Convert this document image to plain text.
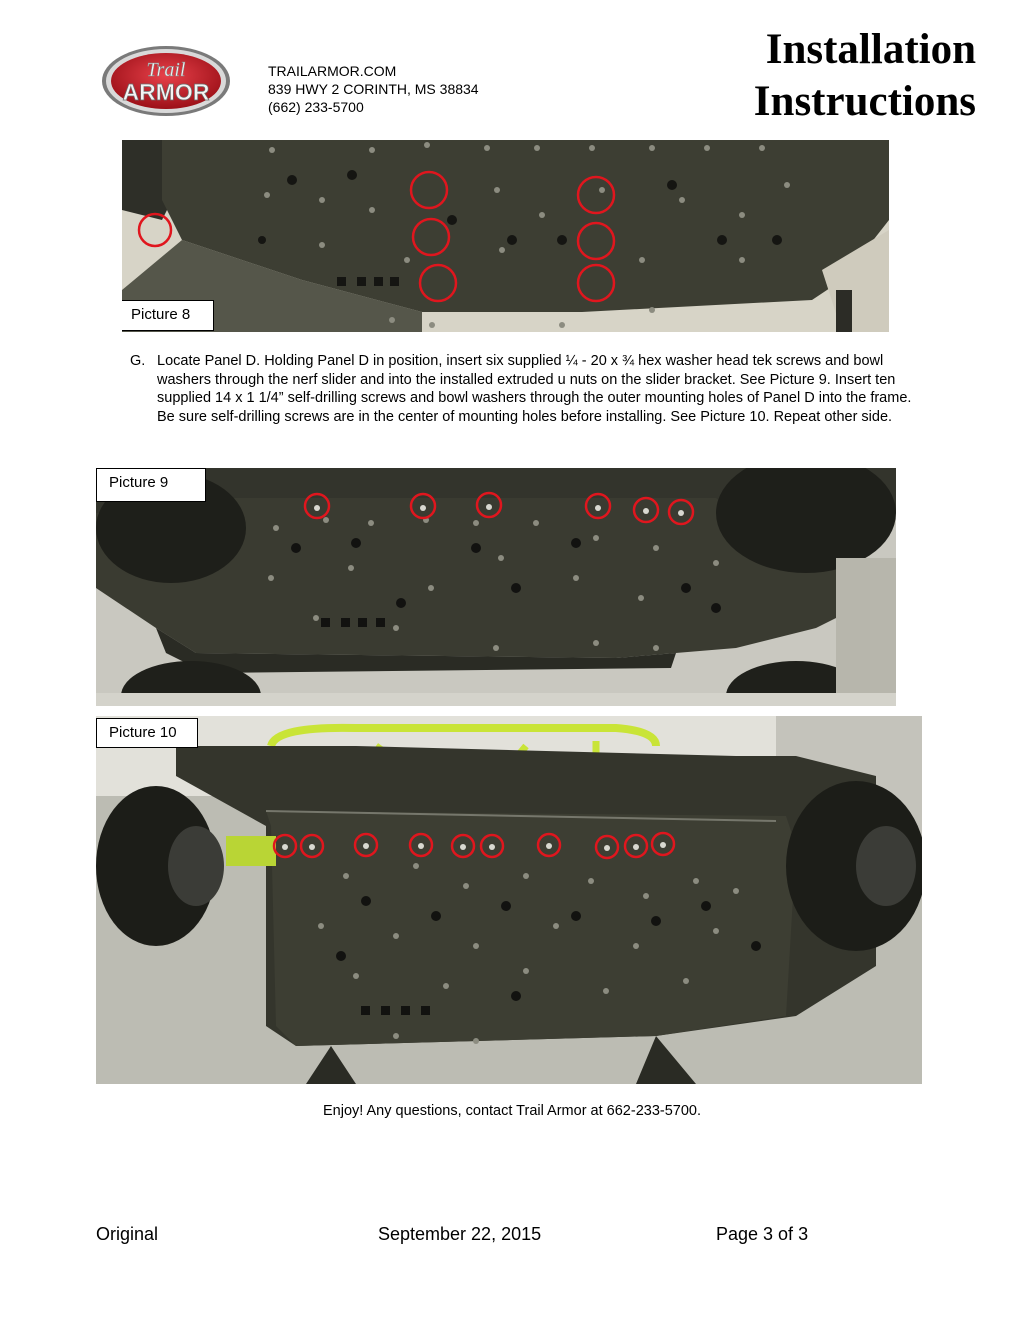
Trail
ARMOR
TRAILARMOR.COM
839 HWY 2 CORINTH, MS 38834
(662) 233-5700
Installation
Instructions
Picture 8
G. Locate Panel D. Holding Panel D in position, insert six supplied ¼ - 20 x ¾ hex washer head tek screws and bowl washers through the nerf slider and into the installed extruded u nuts on the slider bracket. See Picture 9. Insert ten supplied 14 x 1 1/4” self-drilling screws and bowl washers through the outer mounting holes of Panel D into the frame. Be sure self-drilling screws are in the center of mounting holes before installing. See Picture 10. Repeat other side.
Picture 9
Picture 10
Enjoy! Any questions, contact Trail Armor at 662-233-5700.
Original	September 22, 2015	Page 3 of 3
